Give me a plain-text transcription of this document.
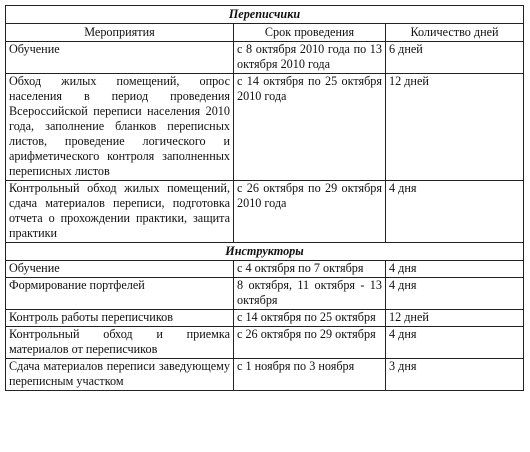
Переписчики		
Мероприятия	Срок проведения	Количество дней
Обучение	с 8 октября 2010 года по 13 октября 2010 года	6 дней
Обход жилых помещений, опрос населения в период проведения Всероссийской переписи населения 2010 года, заполнение бланков переписных листов, проведение логического и арифметического контроля заполненных переписных листов	с 14 октября по 25 октября 2010 года	12 дней
Контрольный обход жилых помещений, сдача материалов переписи, подготовка отчета о прохождении практики, защита практики	с 26 октября по 29 октября 2010 года	4 дня
Инструкторы		
Обучение	с 4 октября по 7 октября	4 дня
Формирование портфелей	8 октября, 11 октября - 13 октября	4 дня
Контроль работы переписчиков	с 14 октября по 25 октября	12 дней
Контрольный обход и приемка материалов от переписчиков	с 26 октября по 29 октября	4 дня
Сдача материалов переписи заведующему переписным участком	с 1 ноября по 3 ноября	3 дня
